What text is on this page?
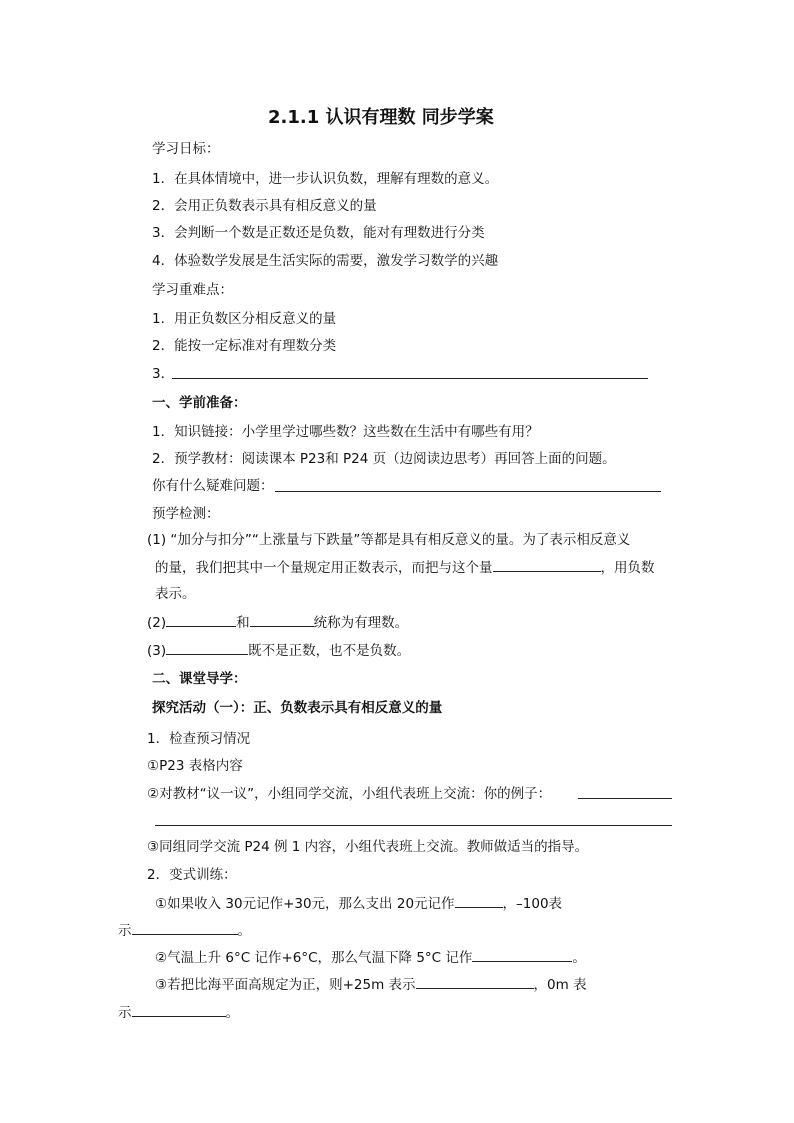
2.1.1 认识有理数 同步学案
学习日标：
1．在具体情境中，进一步认识负数，理解有理数的意义。
2．会用正负数表示具有相反意义的量
3．会判断一个数是正数还是负数，能对有理数进行分类
4．体验数学发展是生活实际的需要，激发学习数学的兴趣
学习重难点：
1．用正负数区分相反意义的量
2．能按一定标准对有理数分类
3．
一、学前准备：
1．知识链接：小学里学过哪些数？这些数在生活中有哪些有用？
2．预学教材：阅读课本 P23和 P24 页（边阅读边思考）再回答上面的问题。
你有什么疑难问题：
预学检测：
(1) “加分与扣分”“上涨量与下跌量”等都是具有相反意义的量。为了表示相反意义
的量，我们把其中一个量规定用正数表示，而把与这个量	，用负数
表示。
(2)	和	统称为有理数。
(3)	既不是正数，也不是负数。
二、课堂导学：
探究活动（一）：正、负数表示具有相反意义的量
1．检查预习情况
①P23 表格内容
②对教材“议一议”，小组同学交流，小组代表班上交流：你的例子：
③同组同学交流 P24 例 1 内容，小组代表班上交流。教师做适当的指导。
2．变式训练：
①如果收入 30元记作+30元，那么支出 20元记作	，–100表
示	。
②气温上升 6°C 记作+6°C，那么气温下降 5°C 记作	。
③若把比海平面高规定为正，则+25m 表示	，0m 表
示	。
